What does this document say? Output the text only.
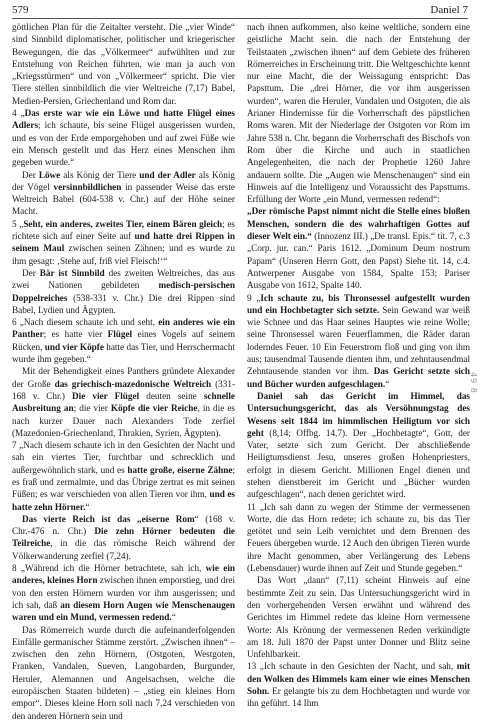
579	Daniel 7

göttlichen Plan für die Zeitalter versteht. Die „vier Winde“ sind Sinnbild diplomatischer, politischer und kriegerischer Bewegungen, die das „Völkermeer“ aufwühlten und zur Entstehung von Reichen führten, wie man ja auch von „Kriegsstürmen“ und von „Völkermeer“ spricht. Die vier Tiere stellen sinnbildlich die vier Weltreiche (7,17) Babel, Medien-Persien, Griechenland und Rom dar.

4 „Das erste war wie ein Löwe und hatte Flügel eines Adlers; ich schaute, bis seine Flügel ausgerissen wurden, und es von der Erde emporgehoben und auf zwei Füße wie ein Mensch gestellt und das Herz eines Menschen ihm gegeben wurde.“

Der Löwe als König der Tiere und der Adler als König der Vögel versinnbildlichen in passender Weise das erste Weltreich Babel (604-538 v. Chr.) auf der Höhe seiner Macht.

5 „Seht, ein anderes, zweites Tier, einem Bären gleich; es richtete sich auf einer Seite auf und hatte drei Rippen in seinem Maul zwischen seinen Zähnen; und es wurde zu ihm gesagt: ‚Stehe auf, friß viel Fleisch!‘“

Der Bär ist Sinnbild des zweiten Weltreiches, das aus zwei Nationen gebildeten medisch-persischen Doppelreiches (538-331 v. Chr.) Die drei Rippen sind Babel, Lydien und Ägypten.

6 „Nach diesem schaute ich und seht, ein anderes wie ein Panther; es hatte vier Flügel eines Vogels auf seinem Rücken, und vier Köpfe hatte das Tier, und Herrschermacht wurde ihm gegeben.“

Mit der Behendigkeit eines Panthers gründete Alexander der Große das griechisch-mazedonische Weltreich (331-168 v. Chr.) Die vier Flügel deuten seine schnelle Ausbreitung an; die vier Köpfe die vier Reiche, in die es nach kurzer Dauer nach Alexanders Tode zerfiel (Mazedonien-Griechenland, Thrakien, Syrien, Ägypten).

7 „Nach diesem schaute ich in den Gesichten der Nacht und sah ein viertes Tier, furchtbar und schrecklich und außergewöhnlich stark, und es hatte große, eiserne Zähne; es fraß und zermalmte, und das Übrige zertrat es mit seinen Füßen; es war verschieden von allen Tieren vor ihm, und es hatte zehn Hörner.“

Das vierte Reich ist das „eiserne Rom“ (168 v. Chr.-476 n. Chr.) Die zehn Hörner bedeuten die Teilreiche, in die das römische Reich während der Völkerwanderung zerfiel (7,24).

8 „Während ich die Hörner betrachtete, sah ich, wie ein anderes, kleines Horn zwischen ihnen emporstieg, und drei von den ersten Hörnern wurden vor ihm ausgerissen; und ich sah, daß an diesem Horn Augen wie Menschenaugen waren und ein Mund, vermessen redend.“

Das Römerreich wurde durch die aufeinanderfolgenden Einfälle germanischer Stämme zerstört. „Zwischen ihnen“ – zwischen den zehn Hörnern, (Ostgoten, Westgoten, Franken, Vandalen, Sueven, Langobarden, Burgunder, Heruler, Alemannen und Angelsachsen, welche die europäischen Staaten bildeten) – „stieg ein kleines Horn empor“. Dieses kleine Horn soll nach 7,24 verschieden von den anderen Hörnern sein und

nach ihnen aufkommen, also keine weltliche, sondern eine geistliche Macht sein. die nach der Entstehung der Teilstaaten „zwischen ihnen“ auf dem Gebiete des früheren Römerreiches in Erscheinung tritt. Die Weltgeschichte kennt nur eine Macht, die der Weissagung entspricht: Das Papsttum. Die „drei Hörner, die vor ihm ausgerissen wurden“, waren die Heruler, Vandalen und Ostgoten, die als Arianer Hindernisse für die Vorherrschaft des päpstlichen Roms waren. Mit der Niederlage der Ostgoten vor Rom im Jahre 538 n. Chr. begann die Vorherrschaft des Bischofs von Rom über die Kirche und auch in staatlichen Angelegenheiten, die nach der Prophetie 1260 Jahre andauern sollte. Die „Augen wie Menschenaugen“ sind ein Hinweis auf die Intelligenz und Voraussicht des Papsttums. Erfüllung der Worte „ein Mund, vermessen redend“:

„Der römische Papst nimmt nicht die Stelle eines bloßen Menschen, sondern die des wahrhaftigen Gottes auf dieser Welt ein.“ (Innozenz III.) „De transl. Epis.“ tit. 7, c.3 „Corp. jur. can.“ Paris 1612. „Dominum Deum nostrum Papam“ (Unseren Herrn Gott, den Papst) Siehe tit. 14, c.4. Antwerpener Ausgabe von 1584, Spalte 153; Pariser Ausgabe von 1612, Spalte 140.

9 „Ich schaute zu, bis Thronsessel aufgestellt wurden und ein Hochbetagter sich setzte. Sein Gewand war weiß wie Schnee und das Haar seines Hauptes wie reine Wolle; seine Thronsessel waren Feuerflammen, die Räder daran loderndes Feuer. 10 Ein Feuerstrom floß und ging von ihm aus; tausendmal Tausende dienten ihm, und zehntausendmal Zehntausende standen vor ihm. Das Gericht setzte sich und Bücher wurden aufgeschlagen.“

Daniel sah das Gericht im Himmel, das Untersuchungsgericht, das als Versöhnungstag des Wesens seit 1844 im himmlischen Heiligtum vor sich geht (8,14; Offbg. 14,7). Der „Hochbetagte“, Gott, der Vater, setzte sich zum Gericht. Der abschließende Heiligtumsdienst Jesu, unseres großen Hohenpriesters, erfolgt in diesem Gericht. Millionen Engel dienen und stehen dienstbereit im Gericht und „Bücher wurden aufgeschlagen“, nach denen gerichtet wird.

11 „Ich sah dann zu wegen der Stimme der vermessenen Worte, die das Horn redete; ich schaute zu, bis das Tier getötet und sein Leib vernichtet und dem Brennen des Feuers übergeben wurde. 12 Auch den übrigen Tieren wurde ihre Macht genommen, aber Verlängerung des Lebens (Lebensdauer) wurde ihnen auf Zeit und Stunde gegeben.“

Das Wort „dann“ (7,11) scheint Hinweis auf eine bestimmte Zeit zu sein. Das Untersuchungsgericht wird in den vorhergehenden Versen erwähnt und während des Gerichtes im Himmel redete das kleine Horn vermessene Worte: Als Krönung der vermessenen Reden verkündigte am 18. Juli 1870 der Papst unter Donner und Blitz seine Unfehlbarkeit.

13 „Ich schaute in den Gesichten der Nacht, und sah, mit den Wolken des Himmels kam einer wie eines Menschen Sohn. Er gelangte bis zu dem Hochbetagten und wurde vor ihn geführt. 14 Ihm

49 8
